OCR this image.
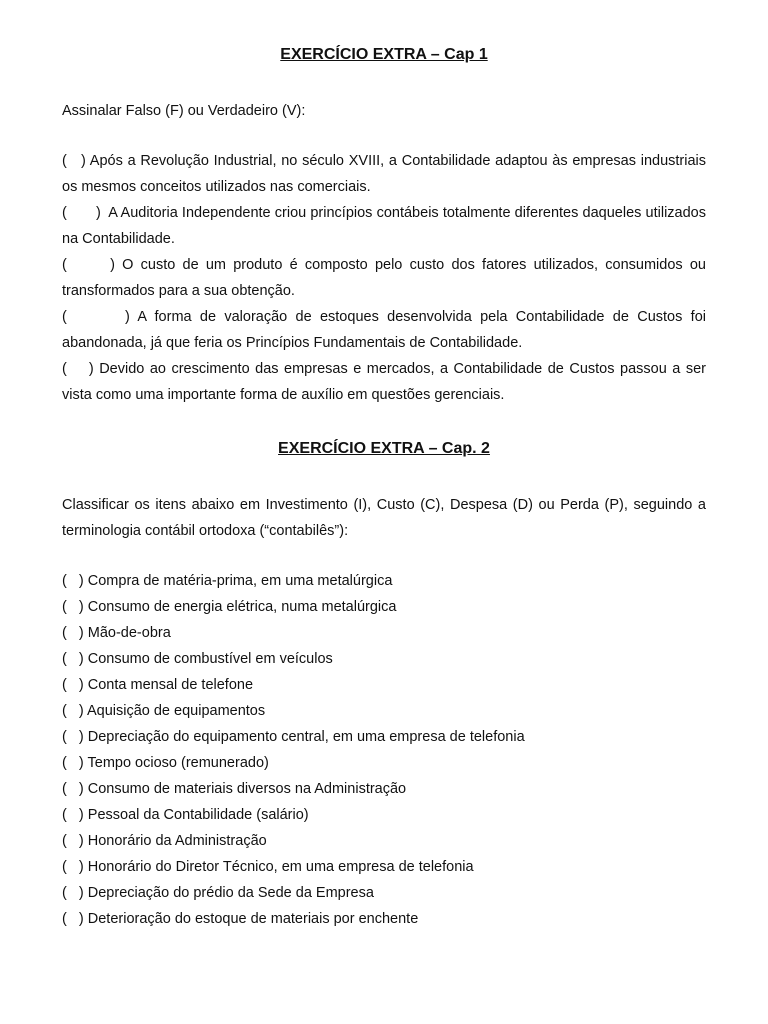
EXERCÍCIO EXTRA – Cap 1

Assinalar Falso (F) ou Verdadeiro (V):

(   ) Após a Revolução Industrial, no século XVIII, a Contabilidade adaptou às empresas industriais os mesmos conceitos utilizados nas comerciais.
(       )  A Auditoria Independente criou princípios contábeis totalmente diferentes daqueles utilizados na Contabilidade.
(      ) O custo de um produto é composto pelo custo dos fatores utilizados, consumidos ou transformados para a sua obtenção.
(       ) A forma de valoração de estoques desenvolvida pela Contabilidade de Custos foi abandonada, já que feria os Princípios Fundamentais de Contabilidade.
(    ) Devido ao crescimento das empresas e mercados, a Contabilidade de Custos passou a ser vista como uma importante forma de auxílio em questões gerenciais.
EXERCÍCIO EXTRA – Cap. 2

Classificar os itens abaixo em Investimento (I), Custo (C), Despesa (D) ou Perda (P), seguindo a terminologia contábil ortodoxa (“contabilês”):

(   ) Compra de matéria-prima, em uma metalúrgica
(   ) Consumo de energia elétrica, numa metalúrgica
(   ) Mão-de-obra
(   ) Consumo de combustível em veículos
(   ) Conta mensal de telefone
(   ) Aquisição de equipamentos
(   ) Depreciação do equipamento central, em uma empresa de telefonia
(   ) Tempo ocioso (remunerado)
(   ) Consumo de materiais diversos na Administração
(   ) Pessoal da Contabilidade (salário)
(   ) Honorário da Administração
(   ) Honorário do Diretor Técnico, em uma empresa de telefonia
(   ) Depreciação do prédio da Sede da Empresa
(   ) Deterioração do estoque de materiais por enchente
